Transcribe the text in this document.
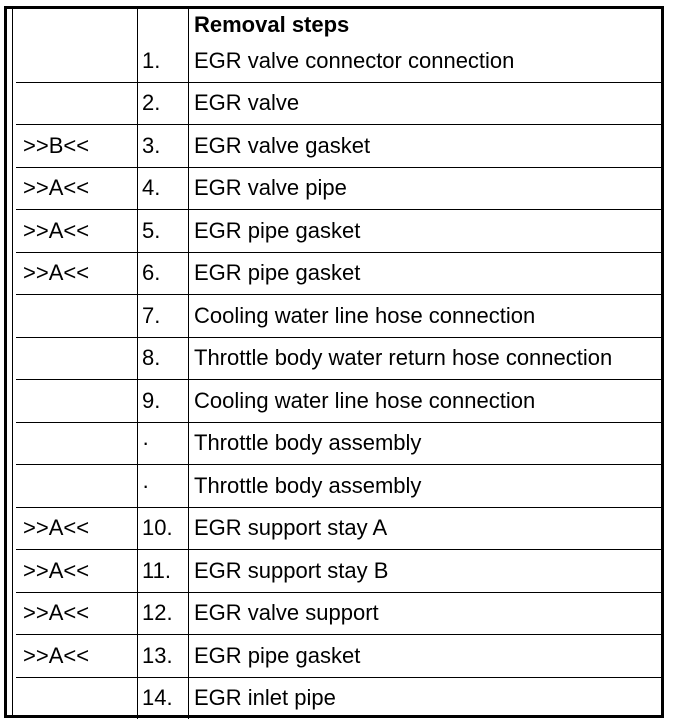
		Removal steps
	1.	EGR valve connector connection
	2.	EGR valve
>>B<<	3.	EGR valve gasket
>>A<<	4.	EGR valve pipe
>>A<<	5.	EGR pipe gasket
>>A<<	6.	EGR pipe gasket
	7.	Cooling water line hose connection
	8.	Throttle body water return hose connection
	9.	Cooling water line hose connection
	·	Throttle body assembly
	·	Throttle body assembly
>>A<<	10.	EGR support stay A
>>A<<	11.	EGR support stay B
>>A<<	12.	EGR valve support
>>A<<	13.	EGR pipe gasket
	14.	EGR inlet pipe
